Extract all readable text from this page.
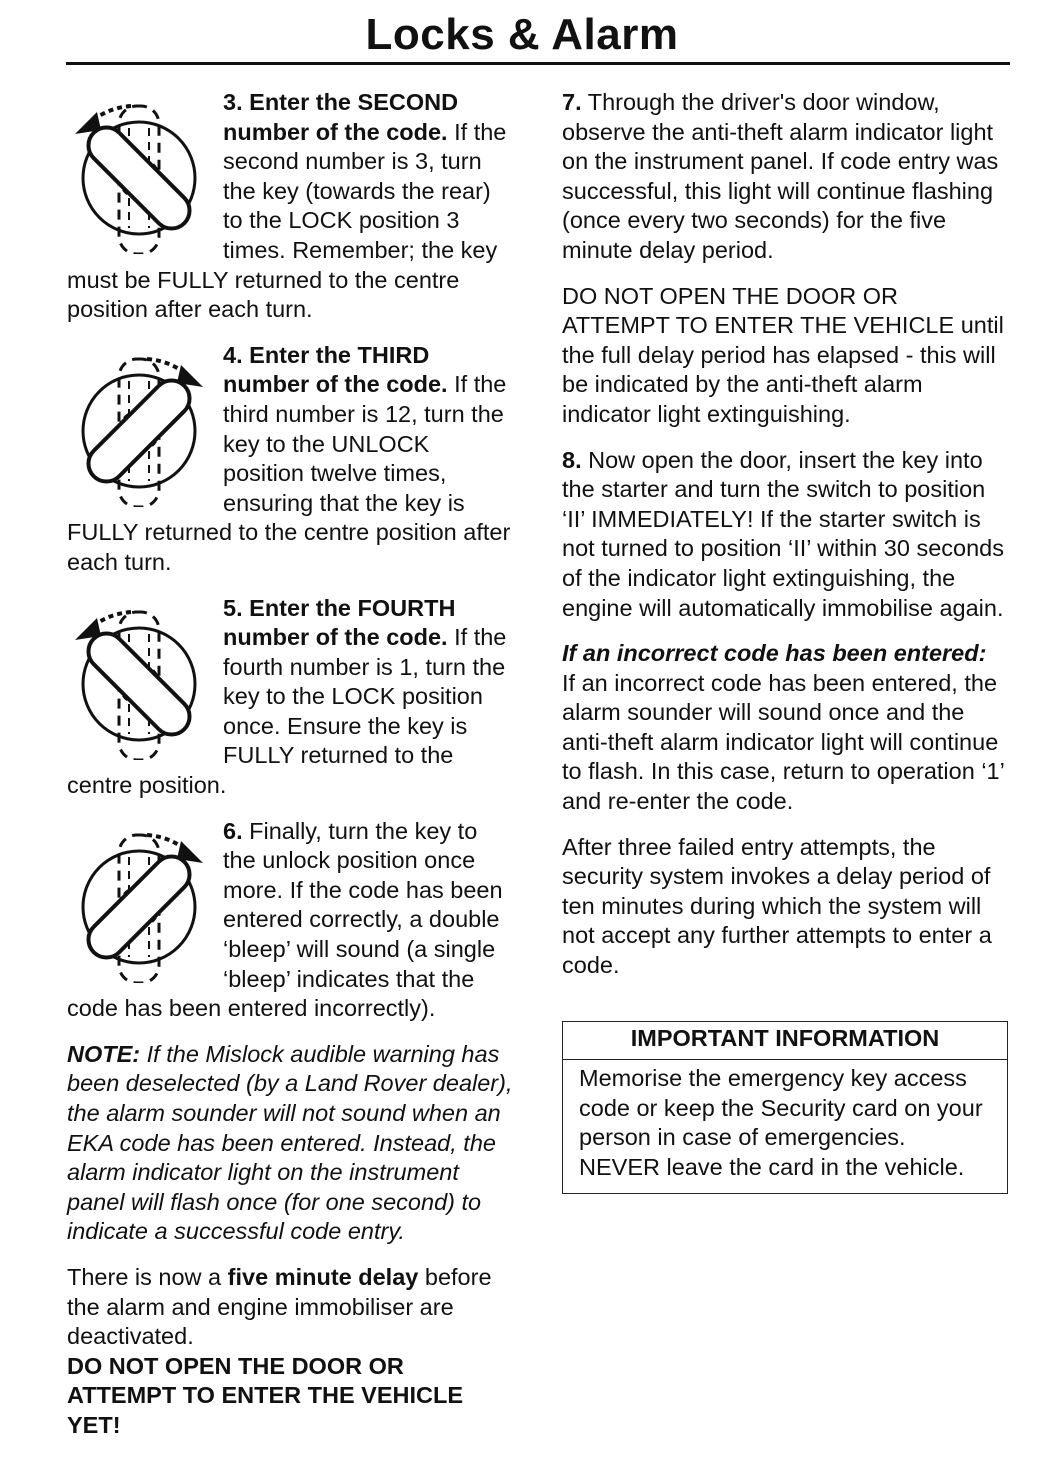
Locks & Alarm

3. Enter the SECOND number of the code. If the second number is 3, turn the key (towards the rear) to the LOCK position 3 times. Remember; the key must be FULLY returned to the centre position after each turn.

4. Enter the THIRD number of the code. If the third number is 12, turn the key to the UNLOCK position twelve times, ensuring that the key is FULLY returned to the centre position after each turn.

5. Enter the FOURTH number of the code. If the fourth number is 1, turn the key to the LOCK position once. Ensure the key is FULLY returned to the centre position.

6. Finally, turn the key to the unlock position once more. If the code has been entered correctly, a double ‘bleep’ will sound (a single ‘bleep’ indicates that the code has been entered incorrectly).

NOTE: If the Mislock audible warning has been deselected (by a Land Rover dealer), the alarm sounder will not sound when an EKA code has been entered. Instead, the alarm indicator light on the instrument panel will flash once (for one second) to indicate a successful code entry.

There is now a five minute delay before the alarm and engine immobiliser are deactivated.
DO NOT OPEN THE DOOR OR ATTEMPT TO ENTER THE VEHICLE YET!

7. Through the driver's door window, observe the anti-theft alarm indicator light on the instrument panel. If code entry was successful, this light will continue flashing (once every two seconds) for the five minute delay period.

DO NOT OPEN THE DOOR OR ATTEMPT TO ENTER THE VEHICLE until the full delay period has elapsed - this will be indicated by the anti-theft alarm indicator light extinguishing.

8. Now open the door, insert the key into the starter and turn the switch to position ‘II’ IMMEDIATELY! If the starter switch is not turned to position ‘II’ within 30 seconds of the indicator light extinguishing, the engine will automatically immobilise again.

If an incorrect code has been entered:
If an incorrect code has been entered, the alarm sounder will sound once and the anti-theft alarm indicator light will continue to flash. In this case, return to operation ‘1’ and re-enter the code.

After three failed entry attempts, the security system invokes a delay period of ten minutes during which the system will not accept any further attempts to enter a code.

IMPORTANT INFORMATION
Memorise the emergency key access code or keep the Security card on your person in case of emergencies. NEVER leave the card in the vehicle.
